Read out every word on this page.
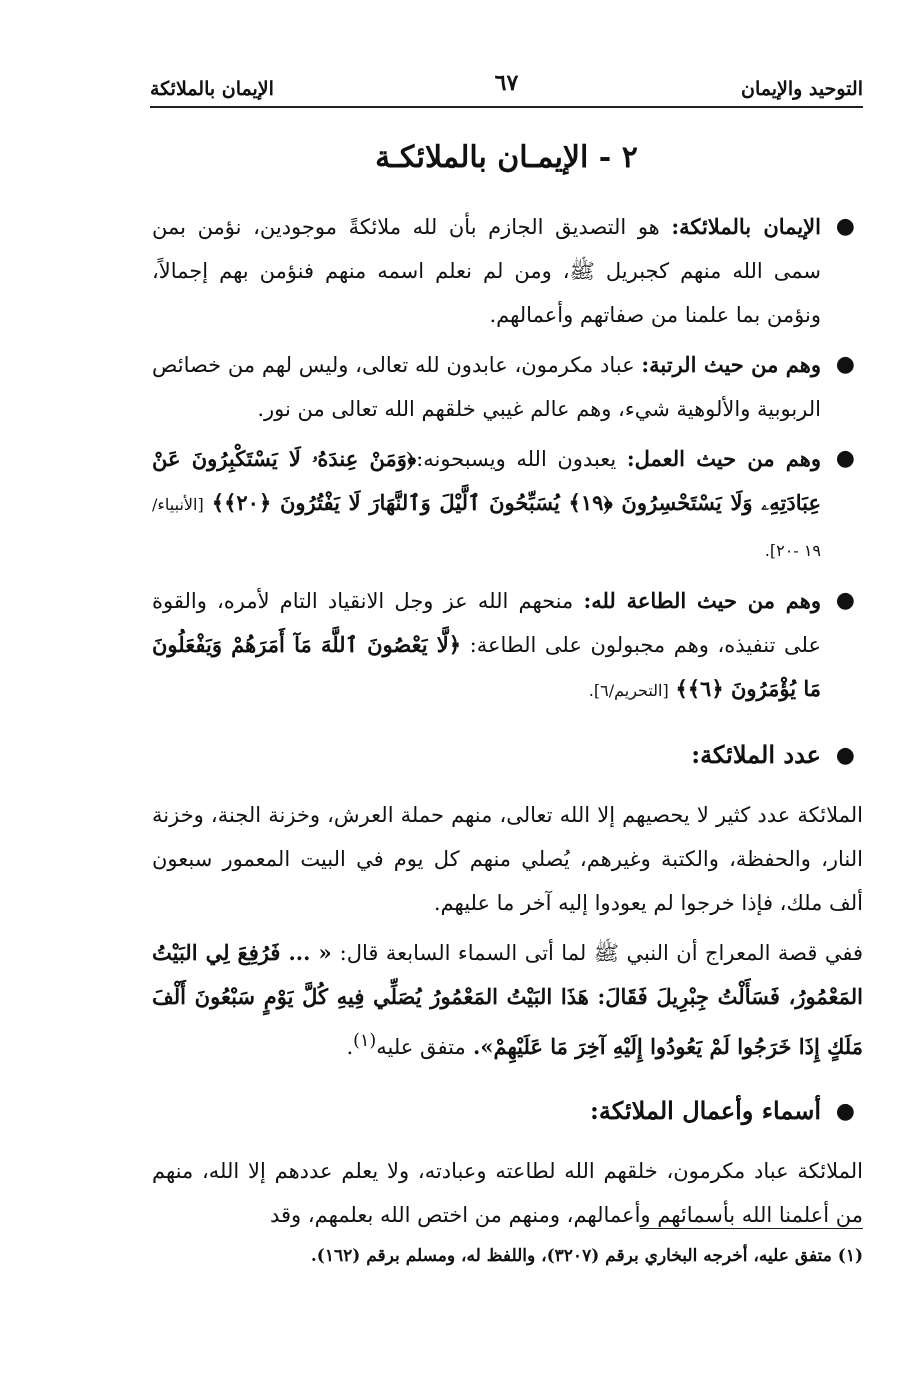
التوحيد والإيمان
٦٧
الإيمان بالملائكة
٢ - الإيمـان بالملائكـة
●
الإيمان بالملائكة: هو التصديق الجازم بأن لله ملائكةً موجودين، نؤمن بمن سمى الله منهم كجبريل ﷺ، ومن لم نعلم اسمه منهم فنؤمن بهم إجمالاً، ونؤمن بما علمنا من صفاتهم وأعمالهم.
●
وهم من حيث الرتبة: عباد مكرمون، عابدون لله تعالى، وليس لهم من خصائص الربوبية والألوهية شيء، وهم عالم غيبي خلقهم الله تعالى من نور.
●
وهم من حيث العمل: يعبدون الله ويسبحونه:﴿وَمَنْ عِندَهُۥ لَا يَسْتَكْبِرُونَ عَنْ عِبَادَتِهِۦ وَلَا يَسْتَحْسِرُونَ ﴿١٩﴾ يُسَبِّحُونَ ٱلَّيْلَ وَٱلنَّهَارَ لَا يَفْتُرُونَ ﴿٢٠﴾﴾ [الأنبياء/١٩ -٢٠].
●
وهم من حيث الطاعة لله: منحهم الله عز وجل الانقياد التام لأمره، والقوة على تنفيذه، وهم مجبولون على الطاعة: ﴿لَّا يَعْصُونَ ٱللَّهَ مَآ أَمَرَهُمْ وَيَفْعَلُونَ مَا يُؤْمَرُونَ ﴿٦﴾﴾ [التحريم/٦].
●
عدد الملائكة:
الملائكة عدد كثير لا يحصيهم إلا الله تعالى، منهم حملة العرش، وخزنة الجنة، وخزنة النار، والحفظة، والكتبة وغيرهم، يُصلي منهم كل يوم في البيت المعمور سبعون ألف ملك، فإذا خرجوا لم يعودوا إليه آخر ما عليهم.
ففي قصة المعراج أن النبي ﷺ لما أتى السماء السابعة قال: « ... فَرُفِعَ لِي البَيْتُ المَعْمُورُ، فَسَأَلْتُ جِبْرِيلَ فَقَالَ: هَذَا البَيْتُ المَعْمُورُ يُصَلِّي فِيهِ كُلَّ يَوْمٍ سَبْعُونَ أَلْفَ مَلَكٍ إِذَا خَرَجُوا لَمْ يَعُودُوا إِلَيْهِ آخِرَ مَا عَلَيْهِمْ». متفق عليه$^{(١)}$.
●
أسماء وأعمال الملائكة:
الملائكة عباد مكرمون، خلقهم الله لطاعته وعبادته، ولا يعلم عددهم إلا الله، منهم من أعلمنا الله بأسمائهم وأعمالهم، ومنهم من اختص الله بعلمهم، وقد
(١) متفق عليه، أخرجه البخاري برقم (٣٢٠٧)، واللفظ له، ومسلم برقم (١٦٢).
